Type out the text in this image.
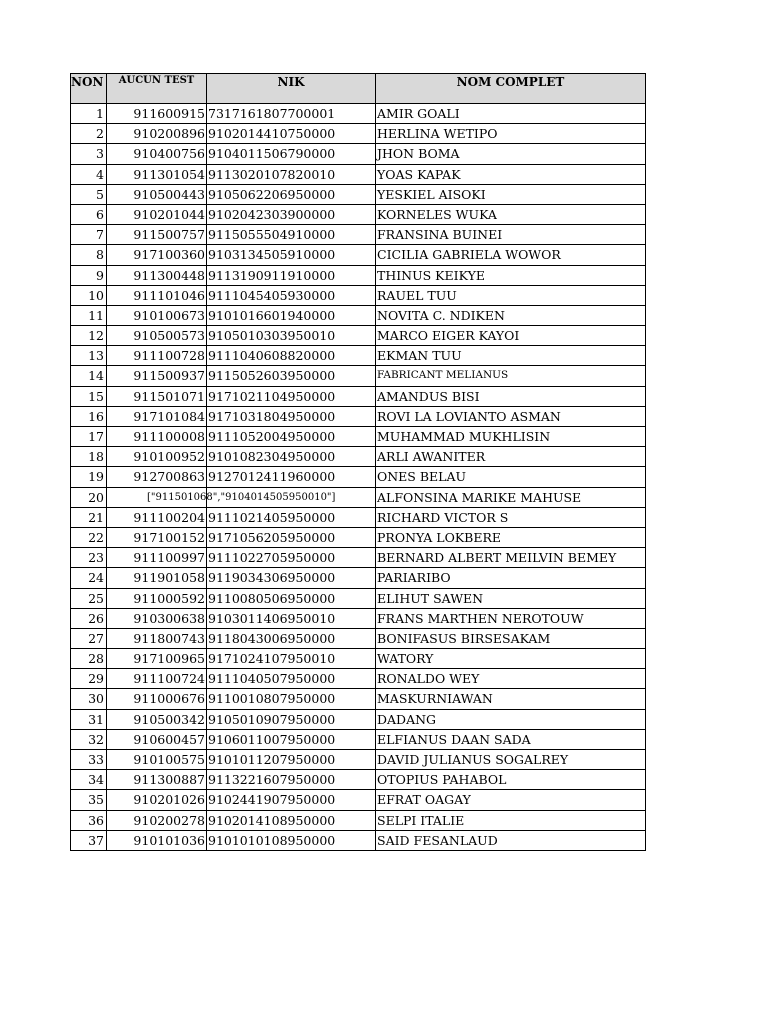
NON	AUCUN TEST	NIK	NOM COMPLET
1	911600915	7317161807700001	AMIR GOALI
2	910200896	9102014410750000	HERLINA WETIPO
3	910400756	9104011506790000	JHON BOMA
4	911301054	9113020107820010	YOAS KAPAK
5	910500443	9105062206950000	YESKIEL AISOKI
6	910201044	9102042303900000	KORNELES WUKA
7	911500757	9115055504910000	FRANSINA BUINEI
8	917100360	9103134505910000	CICILIA GABRIELA WOWOR
9	911300448	9113190911910000	THINUS KEIKYE
10	911101046	9111045405930000	RAUEL TUU
11	910100673	9101016601940000	NOVITA C. NDIKEN
12	910500573	9105010303950010	MARCO EIGER KAYOI
13	911100728	9111040608820000	EKMAN TUU
14	911500937	9115052603950000	FABRICANT MELIANUS
15	911501071	9171021104950000	AMANDUS BISI
16	917101084	9171031804950000	ROVI LA LOVIANTO ASMAN
17	911100008	9111052004950000	MUHAMMAD MUKHLISIN
18	910100952	9101082304950000	ARLI AWANITER
19	912700863	9127012411960000	ONES BELAU
20	["911501068","9104014505950010"]		ALFONSINA MARIKE MAHUSE
21	911100204	9111021405950000	RICHARD VICTOR S
22	917100152	9171056205950000	PRONYA LOKBERE
23	911100997	9111022705950000	BERNARD ALBERT MEILVIN BEMEY
24	911901058	9119034306950000	PARIARIBO
25	911000592	9110080506950000	ELIHUT SAWEN
26	910300638	9103011406950010	FRANS MARTHEN NEROTOUW
27	911800743	9118043006950000	BONIFASUS BIRSESAKAM
28	917100965	9171024107950010	WATORY
29	911100724	9111040507950000	RONALDO WEY
30	911000676	9110010807950000	MASKURNIAWAN
31	910500342	9105010907950000	DADANG
32	910600457	9106011007950000	ELFIANUS DAAN SADA
33	910100575	9101011207950000	DAVID JULIANUS SOGALREY
34	911300887	9113221607950000	OTOPIUS PAHABOL
35	910201026	9102441907950000	EFRAT OAGAY
36	910200278	9102014108950000	SELPI ITALIE
37	910101036	9101010108950000	SAID FESANLAUD
